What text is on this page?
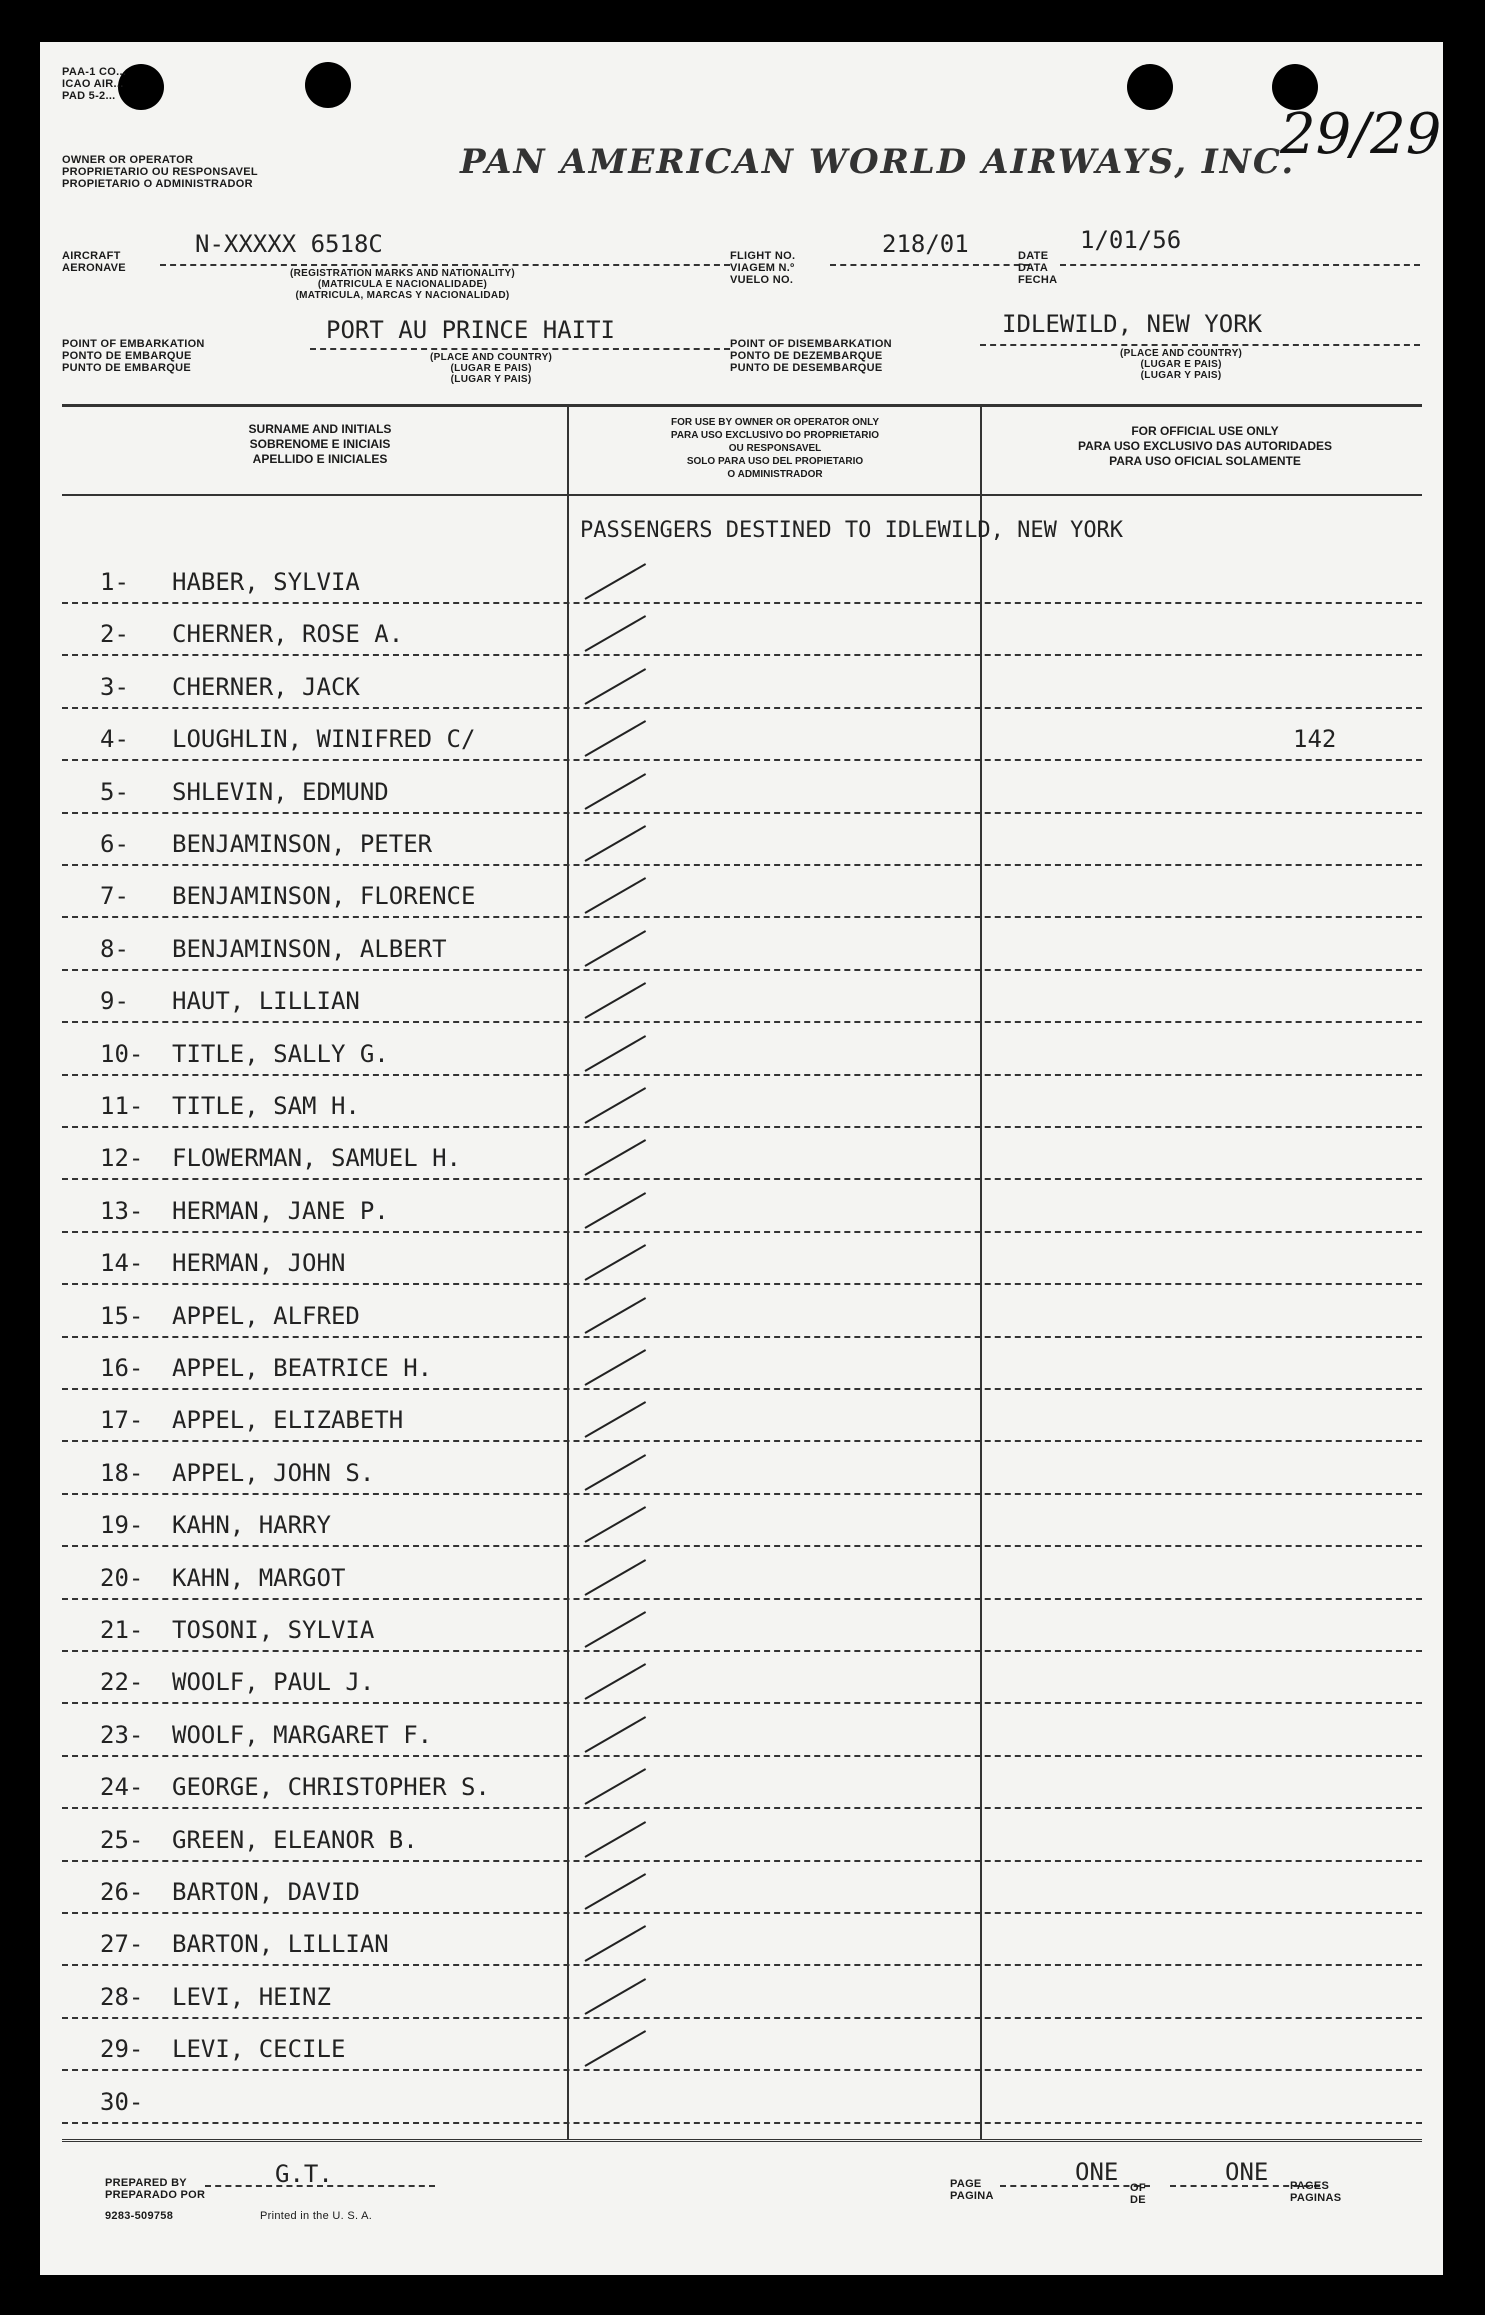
PAA-1 CO...
ICAO AIR...
PAD 5-2...
OWNER OR OPERATOR
PROPRIETARIO OU RESPONSAVEL
PROPIETARIO O ADMINISTRADOR
PAN AMERICAN WORLD AIRWAYS, INC.
29/29
AIRCRAFT
AERONAVE
N-XXXXX 6518C
(REGISTRATION MARKS AND NATIONALITY)
(MATRICULA E NACIONALIDADE)
(MATRICULA, MARCAS Y NACIONALIDAD)
FLIGHT NO.
VIAGEM N.º
VUELO NO.
218/01	DATE
DATA
FECHA
1/01/56
POINT OF EMBARKATION
PONTO DE EMBARQUE
PUNTO DE EMBARQUE
PORT AU PRINCE HAITI
(PLACE AND COUNTRY)
(LUGAR E PAIS)
(LUGAR Y PAIS)
POINT OF DISEMBARKATION
PONTO DE DEZEMBARQUE
PUNTO DE DESEMBARQUE
IDLEWILD, NEW YORK
(PLACE AND COUNTRY)
(LUGAR E PAIS)
(LUGAR Y PAIS)
SURNAME AND INITIALS
SOBRENOME E INICIAIS
APELLIDO E INICIALES
FOR USE BY OWNER OR OPERATOR ONLY
PARA USO EXCLUSIVO DO PROPRIETARIO
OU RESPONSAVEL
SOLO PARA USO DEL PROPIETARIO
O ADMINISTRADOR
FOR OFFICIAL USE ONLY
PARA USO EXCLUSIVO DAS AUTORIDADES
PARA USO OFICIAL SOLAMENTE
PASSENGERS DESTINED TO IDLEWILD, NEW YORK
1- HABER, SYLVIA
2- CHERNER, ROSE A.
3- CHERNER, JACK
4- LOUGHLIN, WINIFRED C/	142
5- SHLEVIN, EDMUND
6- BENJAMINSON, PETER
7- BENJAMINSON, FLORENCE
8- BENJAMINSON, ALBERT
9- HAUT, LILLIAN
10- TITLE, SALLY G.
11- TITLE, SAM H.
12- FLOWERMAN, SAMUEL H.
13- HERMAN, JANE P.
14- HERMAN, JOHN
15- APPEL, ALFRED
16- APPEL, BEATRICE H.
17- APPEL, ELIZABETH
18- APPEL, JOHN S.
19- KAHN, HARRY
20- KAHN, MARGOT
21- TOSONI, SYLVIA
22- WOOLF, PAUL J.
23- WOOLF, MARGARET F.
24- GEORGE, CHRISTOPHER S.
25- GREEN, ELEANOR B.
26- BARTON, DAVID
27- BARTON, LILLIAN
28- LEVI, HEINZ
29- LEVI, CECILE
30-
PREPARED BY
PREPARADO POR
G.T.
9283-509758	Printed in the U. S. A.
PAGE
PAGINA
ONE
OF
DE
ONE PAGES
PAGINAS
